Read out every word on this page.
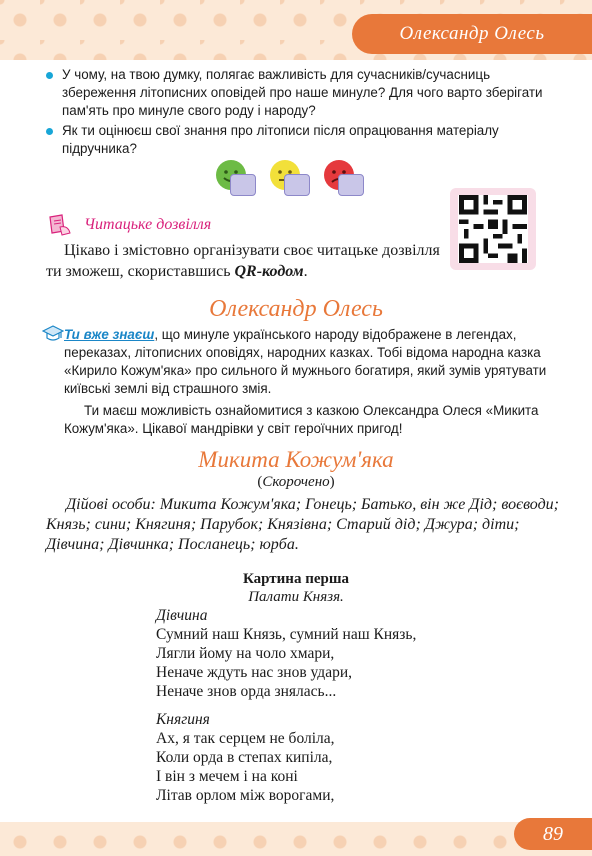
Олександр Олесь
У чому, на твою думку, полягає важливість для сучасників/сучасниць збереження літописних оповідей про наше минуле? Для чого варто зберігати пам'ять про минуле свого роду і народу?
Як ти оцінюєш свої знання про літописи після опрацювання матеріалу підручника?
Читацьке дозвілля
Цікаво і змістовно організувати своє читацьке дозвілля ти зможеш, скориставшись QR-кодом.
Олександр Олесь

Ти вже знаєш, що минуле українського народу відображене в легендах, переказах, літописних оповідях, народних казках. Тобі відома народна казка «Кирило Кожум'яка» про сильного й мужнього богатиря, який зумів урятувати київські землі від страшного змія.

Ти маєш можливість ознайомитися з казкою Олександра Олеся «Микита Кожум'яка». Цікавої мандрівки у світ героїчних пригод!

Микита Кожум'яка
(Скорочено)
Дійові особи: Микита Кожум'яка; Гонець; Батько, він же Дід; воєводи; Князь; сини; Княгиня; Парубок; Князівна; Старий дід; Джура; діти; Дівчина; Дівчинка; Посланець; юрба.
Картина перша
Палати Князя.
Дівчина
Сумний наш Князь, сумний наш Князь,
Лягли йому на чоло хмари,
Неначе ждуть нас знов удари,
Неначе знов орда знялась...
Княгиня
Ах, я так серцем не боліла,
Коли орда в степах кипіла,
І він з мечем і на коні
Літав орлом між ворогами,
89
